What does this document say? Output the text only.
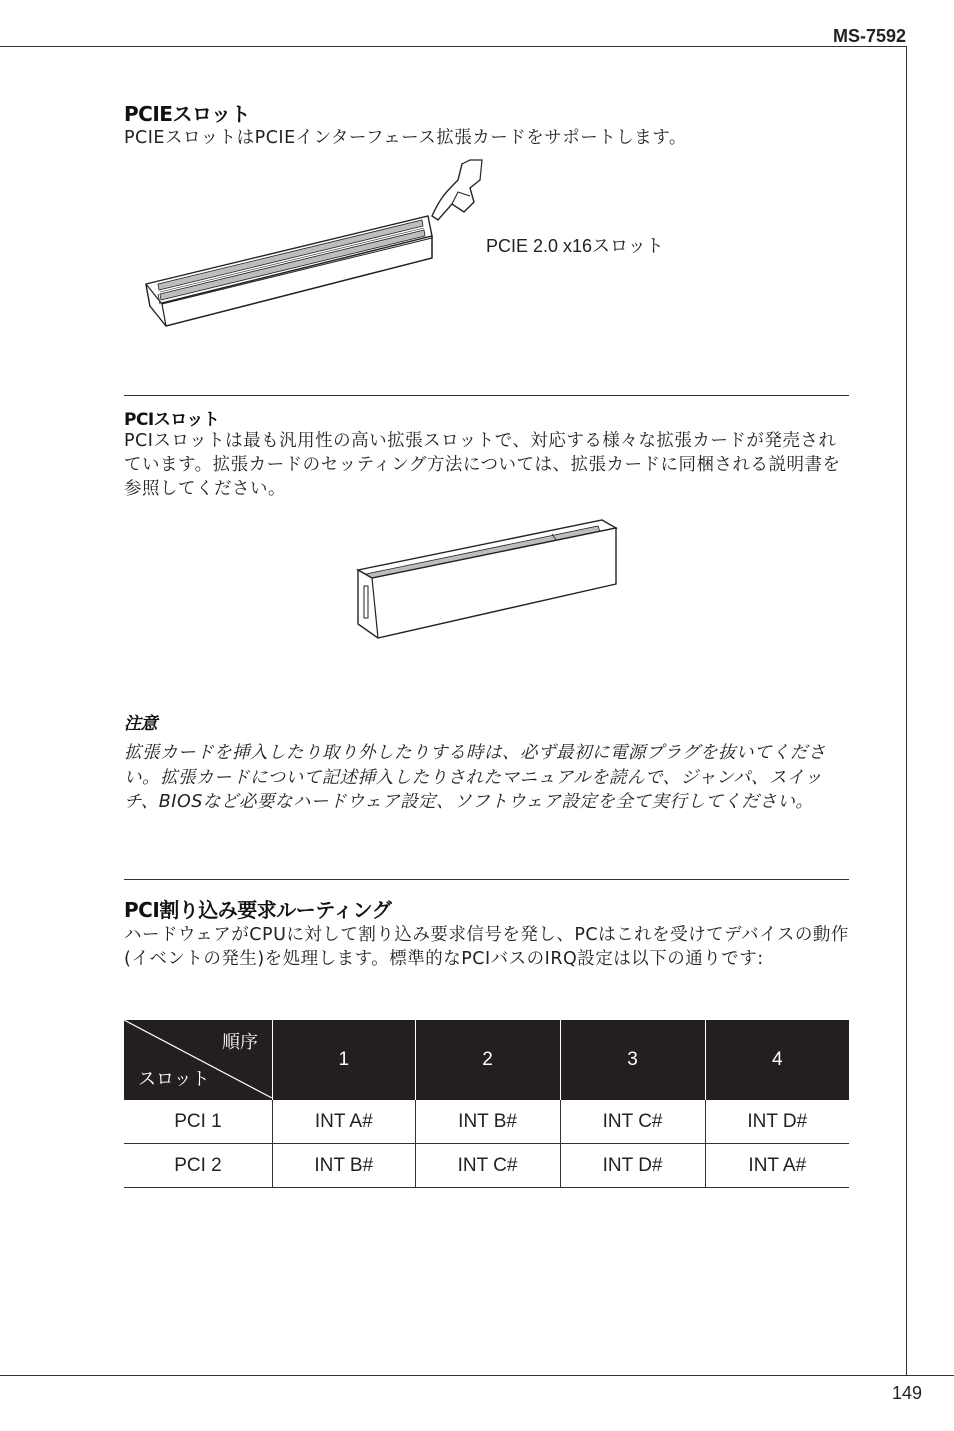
MS-7592
PCIEスロット
PCIEスロットはPCIEインターフェース拡張カードをサポートします。
PCIE 2.0 x16スロット
PCIスロット
PCIスロットは最も汎用性の高い拡張スロットで、対応する様々な拡張カードが発売されています。拡張カードのセッティング方法については、拡張カードに同梱される説明書を参照してください。
注意
拡張カードを挿入したり取り外したりする時は、必ず最初に電源プラグを抜いてください。拡張カードについて記述挿入したりされたマニュアルを読んで、ジャンパ、スイッチ、BIOSなど必要なハードウェア設定、ソフトウェア設定を全て実行してください。
PCI割り込み要求ルーティング
ハードウェアがCPUに対して割り込み要求信号を発し、PCはこれを受けてデバイスの動作(イベントの発生)を処理します。標準的なPCIバスのIRQ設定は以下の通りです:
順序
スロット	1	2	3	4
PCI 1	INT A#	INT B#	INT C#	INT D#
PCI 2	INT B#	INT C#	INT D#	INT A#
149
